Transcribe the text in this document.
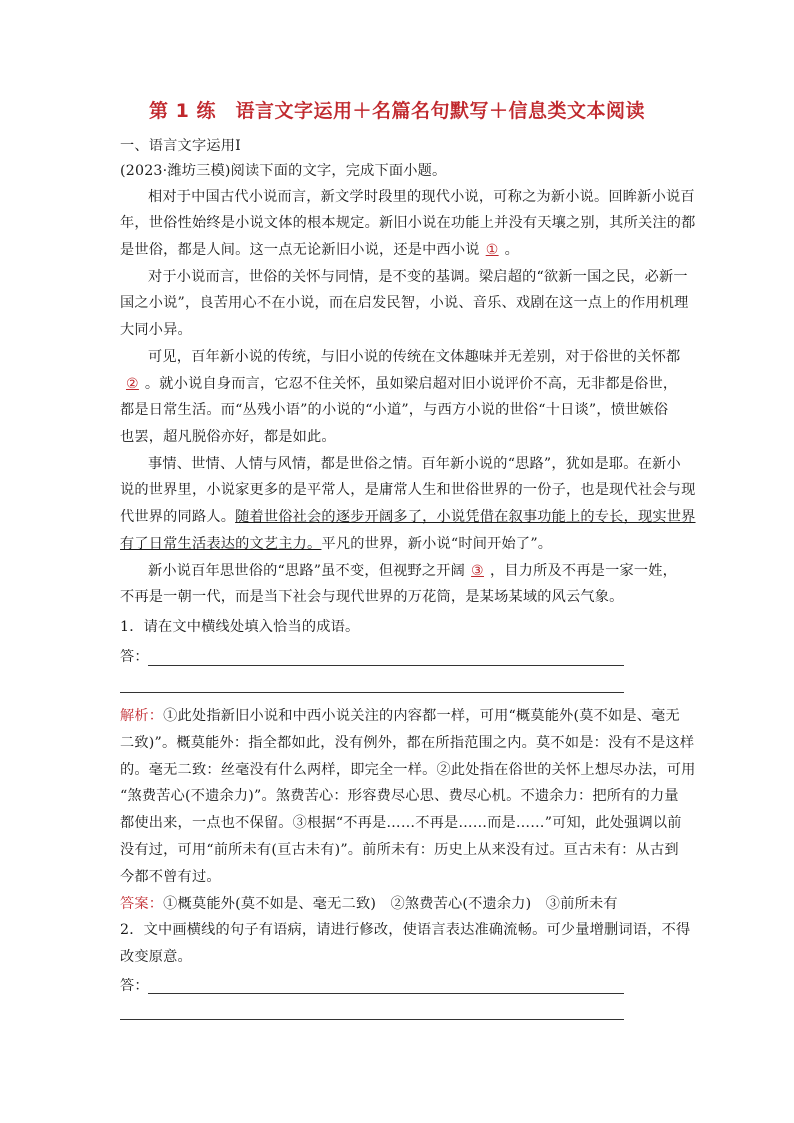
第 1 练　语言文字运用＋名篇名句默写＋信息类文本阅读
一、语言文字运用Ⅰ
(2023·潍坊三模)阅读下面的文字，完成下面小题。
相对于中国古代小说而言，新文学时段里的现代小说，可称之为新小说。回眸新小说百
年，世俗性始终是小说文体的根本规定。新旧小说在功能上并没有天壤之别，其所关注的都
是世俗，都是人间。这一点无论新旧小说，还是中西小说 ① 。
对于小说而言，世俗的关怀与同情，是不变的基调。梁启超的“欲新一国之民，必新一
国之小说”，良苦用心不在小说，而在启发民智，小说、音乐、戏剧在这一点上的作用机理
大同小异。
可见，百年新小说的传统，与旧小说的传统在文体趣味并无差别，对于俗世的关怀都
② 。就小说自身而言，它忍不住关怀，虽如梁启超对旧小说评价不高，无非都是俗世，
都是日常生活。而“丛残小语”的小说的“小道”，与西方小说的世俗“十日谈”，愤世嫉俗
也罢，超凡脱俗亦好，都是如此。
事情、世情、人情与风情，都是世俗之情。百年新小说的“思路”，犹如是耶。在新小
说的世界里，小说家更多的是平常人，是庸常人生和世俗世界的一份子，也是现代社会与现
代世界的同路人。随着世俗社会的逐步开阔多了，小说凭借在叙事功能上的专长，现实世界
有了日常生活表达的文艺主力。平凡的世界，新小说“时间开始了”。
新小说百年思世俗的“思路”虽不变，但视野之开阔 ③ ，目力所及不再是一家一姓，
不再是一朝一代，而是当下社会与现代世界的万花筒，是某场某域的风云气象。
1．请在文中横线处填入恰当的成语。
答：
解析：①此处指新旧小说和中西小说关注的内容都一样，可用“概莫能外(莫不如是、毫无
二致)”。概莫能外：指全都如此，没有例外，都在所指范围之内。莫不如是：没有不是这样
的。毫无二致：丝毫没有什么两样，即完全一样。②此处指在俗世的关怀上想尽办法，可用
“煞费苦心(不遗余力)”。煞费苦心：形容费尽心思、费尽心机。不遗余力：把所有的力量
都使出来，一点也不保留。③根据“不再是……不再是……而是……”可知，此处强调以前
没有过，可用“前所未有(亘古未有)”。前所未有：历史上从来没有过。亘古未有：从古到
今都不曾有过。
答案：①概莫能外(莫不如是、毫无二致)　②煞费苦心(不遗余力)　③前所未有
2．文中画横线的句子有语病，请进行修改，使语言表达准确流畅。可少量增删词语，不得
改变原意。
答：
